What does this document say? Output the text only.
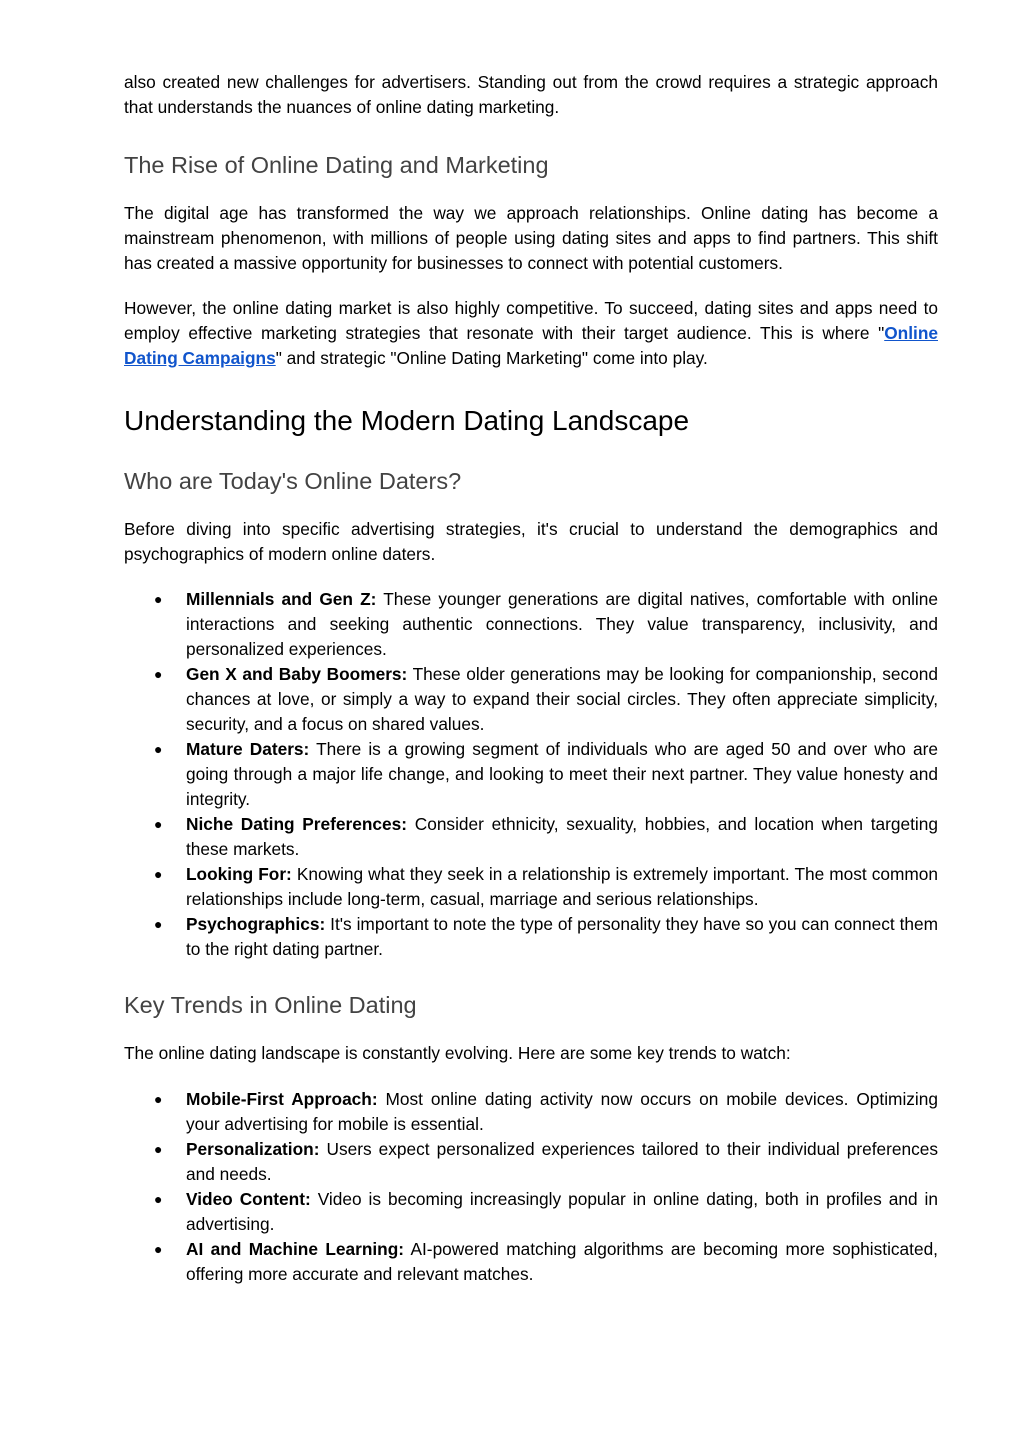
also created new challenges for advertisers. Standing out from the crowd requires a strategic approach that understands the nuances of online dating marketing.

The Rise of Online Dating and Marketing

The digital age has transformed the way we approach relationships. Online dating has become a mainstream phenomenon, with millions of people using dating sites and apps to find partners. This shift has created a massive opportunity for businesses to connect with potential customers.

However, the online dating market is also highly competitive. To succeed, dating sites and apps need to employ effective marketing strategies that resonate with their target audience. This is where "Online Dating Campaigns" and strategic "Online Dating Marketing" come into play.

Understanding the Modern Dating Landscape
Who are Today's Online Daters?

Before diving into specific advertising strategies, it's crucial to understand the demographics and psychographics of modern online daters.

● Millennials and Gen Z: These younger generations are digital natives, comfortable with online interactions and seeking authentic connections. They value transparency, inclusivity, and personalized experiences.
● Gen X and Baby Boomers: These older generations may be looking for companionship, second chances at love, or simply a way to expand their social circles. They often appreciate simplicity, security, and a focus on shared values.
● Mature Daters: There is a growing segment of individuals who are aged 50 and over who are going through a major life change, and looking to meet their next partner. They value honesty and integrity.
● Niche Dating Preferences: Consider ethnicity, sexuality, hobbies, and location when targeting these markets.
● Looking For: Knowing what they seek in a relationship is extremely important. The most common relationships include long-term, casual, marriage and serious relationships.
● Psychographics: It's important to note the type of personality they have so you can connect them to the right dating partner.
Key Trends in Online Dating

The online dating landscape is constantly evolving. Here are some key trends to watch:

● Mobile-First Approach: Most online dating activity now occurs on mobile devices. Optimizing your advertising for mobile is essential.
● Personalization: Users expect personalized experiences tailored to their individual preferences and needs.
● Video Content: Video is becoming increasingly popular in online dating, both in profiles and in advertising.
● AI and Machine Learning: AI-powered matching algorithms are becoming more sophisticated, offering more accurate and relevant matches.
